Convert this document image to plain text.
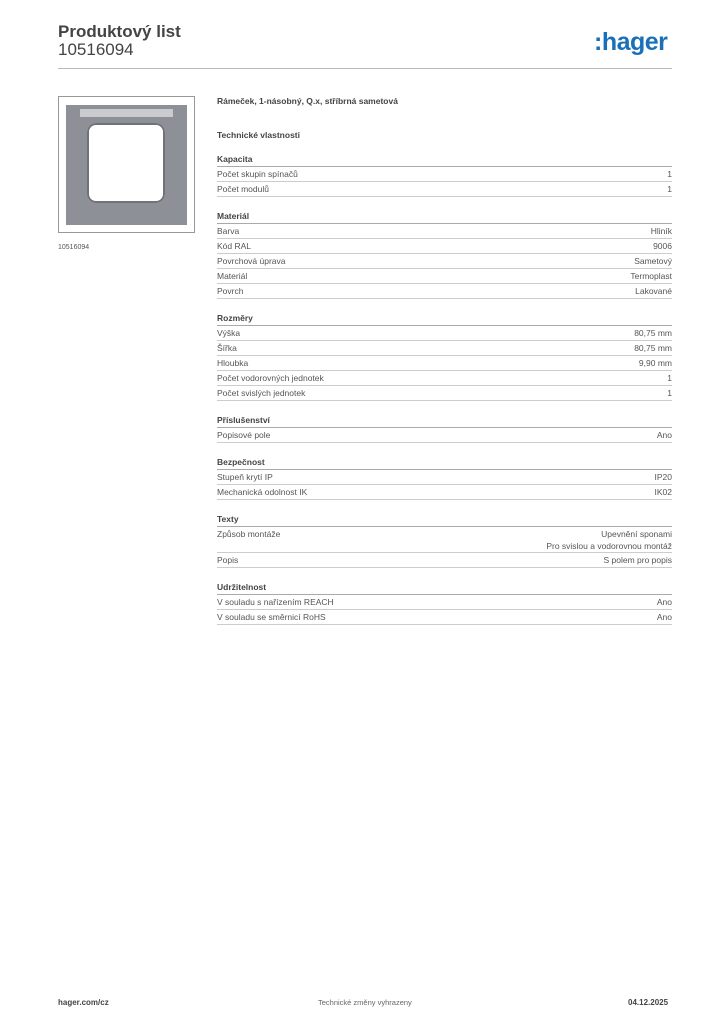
Produktový list
10516094	:hager
10516094
Rámeček, 1-násobný, Q.x, stříbrná sametová
Technické vlastnosti
Kapacita
Počet skupin spínačů	1
Počet modulů	1
Materiál
Barva	Hliník
Kód RAL	9006
Povrchová úprava	Sametový
Materiál	Termoplast
Povrch	Lakované
Rozměry
Výška	80,75 mm
Šířka	80,75 mm
Hloubka	9,90 mm
Počet vodorovných jednotek	1
Počet svislých jednotek	1
Příslušenství
Popisové pole	Ano
Bezpečnost
Stupeň krytí IP	IP20
Mechanická odolnost IK	IK02
Texty
Způsob montáže	Upevnění sponami
Pro svislou a vodorovnou montáž
Popis	S polem pro popis
Udržitelnost
V souladu s nařízením REACH	Ano
V souladu se směrnicí RoHS	Ano
hager.com/cz	Technické změny vyhrazeny	04.12.2025
